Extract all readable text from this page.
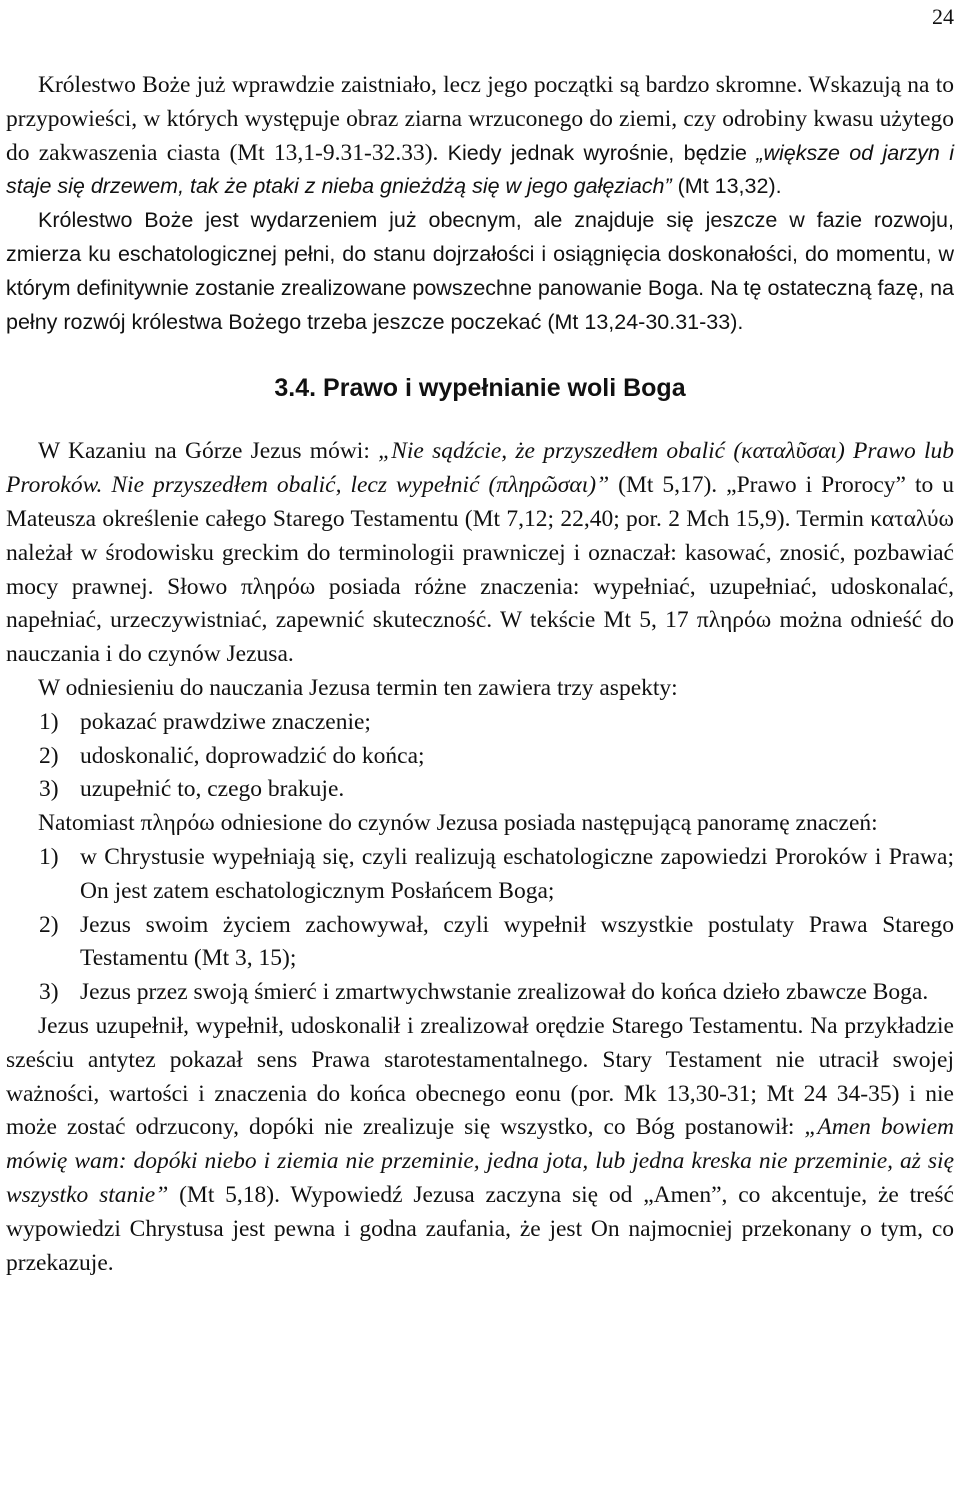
24

Królestwo Boże już wprawdzie zaistniało, lecz jego początki są bardzo skromne. Wskazują na to przypowieści, w których występuje obraz ziarna wrzuconego do ziemi, czy odrobiny kwasu użytego do zakwaszenia ciasta (Mt 13,1-9.31-32.33). Kiedy jednak wyrośnie, będzie „większe od jarzyn i staje się drzewem, tak że ptaki z nieba gnieżdżą się w jego gałęziach” (Mt 13,32).

Królestwo Boże jest wydarzeniem już obecnym, ale znajduje się jeszcze w fazie rozwoju, zmierza ku eschatologicznej pełni, do stanu dojrzałości i osiągnięcia doskonałości, do momentu, w którym definitywnie zostanie zrealizowane powszechne panowanie Boga. Na tę ostateczną fazę, na pełny rozwój królestwa Bożego trzeba jeszcze poczekać (Mt 13,24-30.31-33).

3.4. Prawo i wypełnianie woli Boga

W Kazaniu na Górze Jezus mówi: „Nie sądźcie, że przyszedłem obalić (καταλῦσαι) Prawo lub Proroków. Nie przyszedłem obalić, lecz wypełnić (πληρῶσαι)” (Mt 5,17). „Prawo i Prorocy” to u Mateusza określenie całego Starego Testamentu (Mt 7,12; 22,40; por. 2 Mch 15,9). Termin καταλύω należał w środowisku greckim do terminologii prawniczej i oznaczał: kasować, znosić, pozbawiać mocy prawnej. Słowo πληρόω posiada różne znaczenia: wypełniać, uzupełniać, udoskonalać, napełniać, urzeczywistniać, zapewnić skuteczność. W tekście Mt 5, 17 πληρόω można odnieść do nauczania i do czynów Jezusa.

W odniesieniu do nauczania Jezusa termin ten zawiera trzy aspekty:

1) pokazać prawdziwe znaczenie;
2) udoskonalić, doprowadzić do końca;
3) uzupełnić to, czego brakuje.

Natomiast πληρόω odniesione do czynów Jezusa posiada następującą panoramę znaczeń:

1) w Chrystusie wypełniają się, czyli realizują eschatologiczne zapowiedzi Proroków i Prawa; On jest zatem eschatologicznym Posłańcem Boga;
2) Jezus swoim życiem zachowywał, czyli wypełnił wszystkie postulaty Prawa Starego Testamentu (Mt 3, 15);
3) Jezus przez swoją śmierć i zmartwychwstanie zrealizował do końca dzieło zbawcze Boga.

Jezus uzupełnił, wypełnił, udoskonalił i zrealizował orędzie Starego Testamentu. Na przykładzie sześciu antytez pokazał sens Prawa starotestamentalnego. Stary Testament nie utracił swojej ważności, wartości i znaczenia do końca obecnego eonu (por. Mk 13,30-31; Mt 24 34-35) i nie może zostać odrzucony, dopóki nie zrealizuje się wszystko, co Bóg postanowił: „Amen bowiem mówię wam: dopóki niebo i ziemia nie przeminie, jedna jota, lub jedna kreska nie przeminie, aż się wszystko stanie” (Mt 5,18). Wypowiedź Jezusa zaczyna się od „Amen”, co akcentuje, że treść wypowiedzi Chrystusa jest pewna i godna zaufania, że jest On najmocniej przekonany o tym, co przekazuje.
